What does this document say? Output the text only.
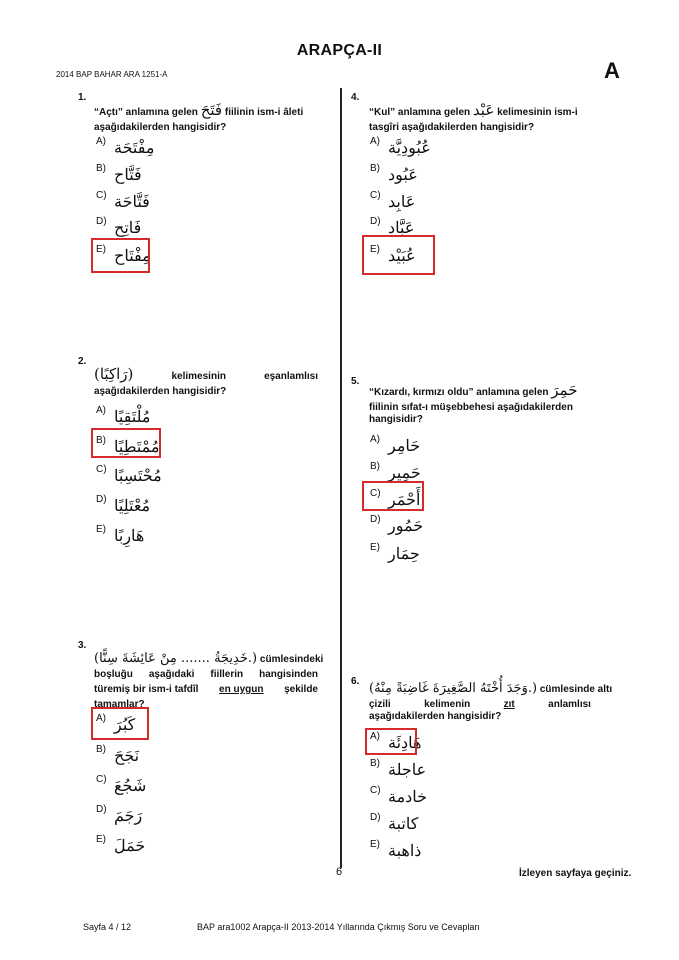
ARAPÇA-II
2014 BAP BAHAR ARA 1251-A	A
1.
“Açtı” anlamına gelen فَتَحَ fiilinin ism-i âleti
aşağıdakilerden hangisidir?
A) مِفْتَحَة
B) فَتَّاح
C) فَتَّاحَة
D) فَاتِح
E) مِفْتَاح
2.
(رَاكِبًا)	kelimesinin	eşanlamlısı
aşağıdakilerden hangisidir?
A) مُلْتَقِيًا
B) مُمْتَطِيًا
C) مُحْتَسِبًا
D) مُعْتَلِيًا
E) هَارِبًا
3.
(خَدِيجَةُ ....... مِنْ عَائِشَةَ سِنًّا.) cümlesindeki
boşluğu aşağıdaki fiillerin hangisinden
türemiş bir ism-i tafdîl en uygun şekilde
tamamlar?
A) كَبُرَ
B) نَجَحَ
C) شَجُعَ
D) رَجَمَ
E) حَمَلَ
4.
“Kul” anlamına gelen عَبْد kelimesinin ism-i
tasgîri aşağıdakilerden hangisidir?
A) عُبُودِيَّة
B) عَبُود
C) عَابِد
D) عَبَّاد
E) عُبَيْد
5.
“Kızardı, kırmızı oldu” anlamına gelen حَمِرَ
fiilinin sıfat-ı müşebbehesi aşağıdakilerden
hangisidir?
A) حَامِر
B) حَمِير
C) أَحْمَر
D) حَمُور
E) حِمَار
6. (وَجَدَ أُخْتَهُ الصَّغِيرَةَ غَاضِبَةً مِنْهُ.) cümlesinde altı
çizili	kelimenin	zıt	anlamlısı
aşağıdakilerden hangisidir?
A) هَادِئَة
B) عاجلة
C) خادمة
D) كاتبة
E) ذاهبة
6	İzleyen sayfaya geçiniz.
Sayfa 4 / 12	BAP ara1002 Arapça-II 2013-2014 Yıllarında Çıkmış Soru ve Cevapları
